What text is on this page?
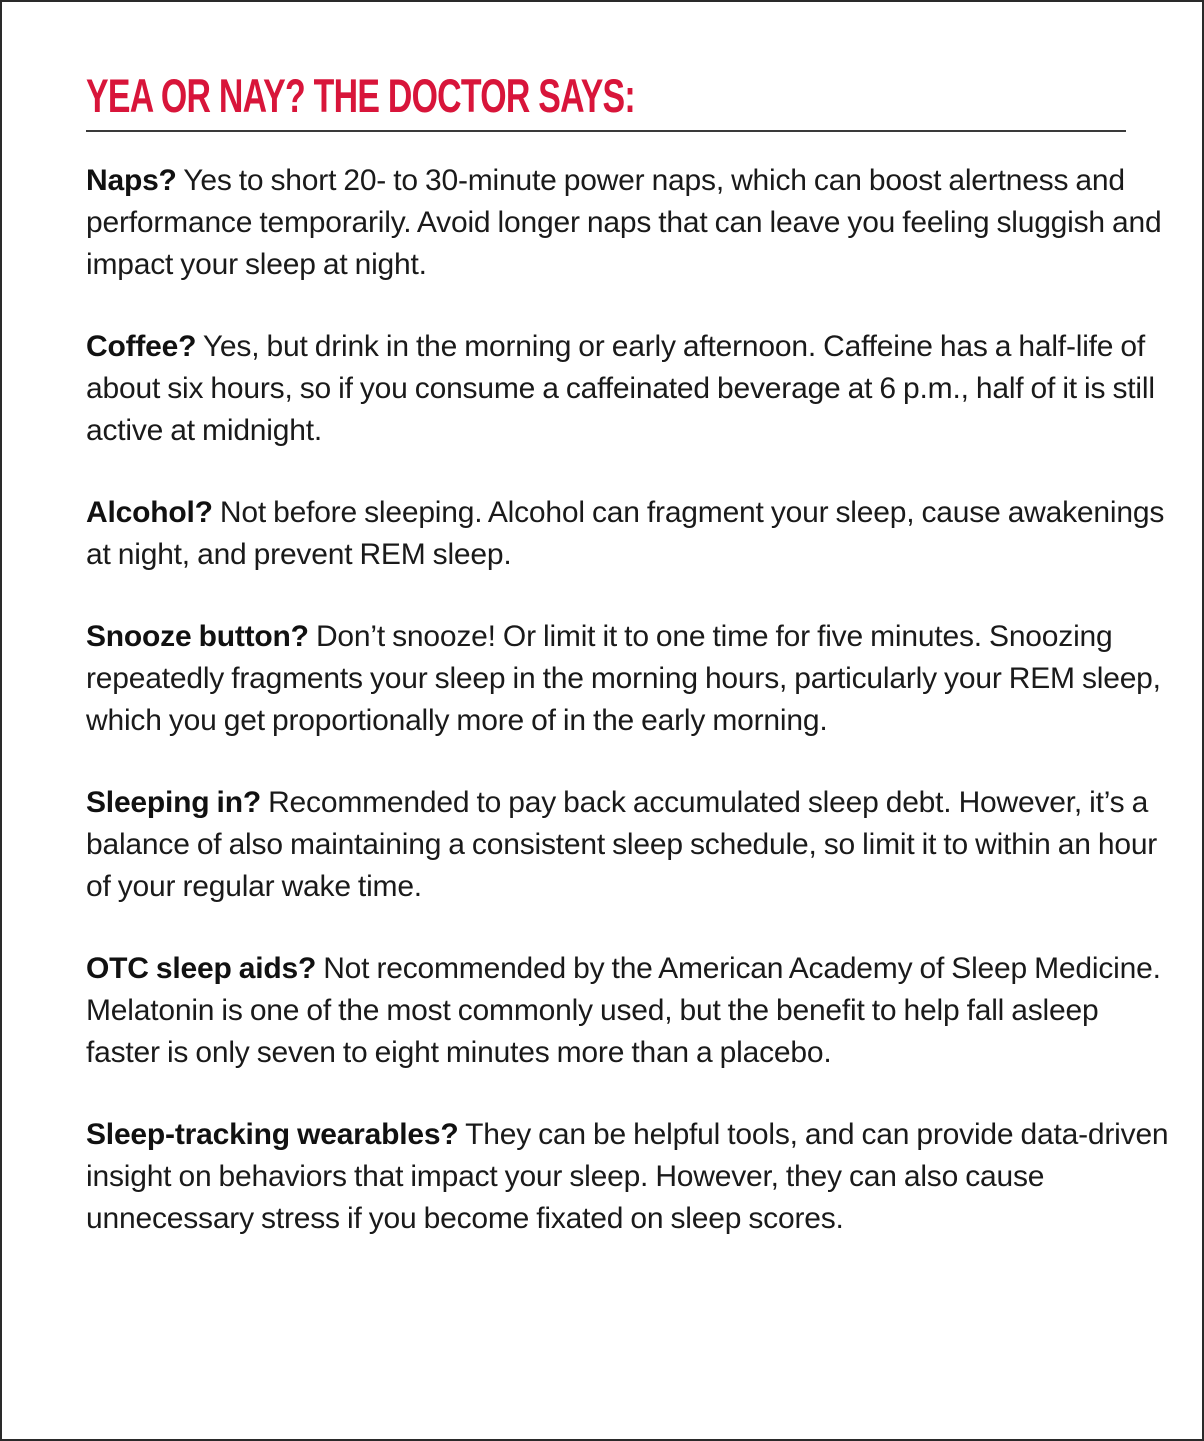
YEA OR NAY? THE DOCTOR SAYS:

Naps? Yes to short 20- to 30-minute power naps, which can boost alertness and performance temporarily. Avoid longer naps that can leave you feeling sluggish and impact your sleep at night.

Coffee? Yes, but drink in the morning or early afternoon. Caffeine has a half-life of about six hours, so if you consume a caffeinated beverage at 6 p.m., half of it is still active at midnight.

Alcohol? Not before sleeping. Alcohol can fragment your sleep, cause awakenings at night, and prevent REM sleep.

Snooze button? Don’t snooze! Or limit it to one time for five minutes. Snoozing repeatedly fragments your sleep in the morning hours, particularly your REM sleep, which you get proportionally more of in the early morning.

Sleeping in? Recommended to pay back accumulated sleep debt. However, it’s a balance of also maintaining a consistent sleep schedule, so limit it to within an hour of your regular wake time.

OTC sleep aids? Not recommended by the American Academy of Sleep Medicine. Melatonin is one of the most commonly used, but the benefit to help fall asleep faster is only seven to eight minutes more than a placebo.

Sleep-tracking wearables? They can be helpful tools, and can provide data-driven insight on behaviors that impact your sleep. However, they can also cause unnecessary stress if you become fixated on sleep scores.
